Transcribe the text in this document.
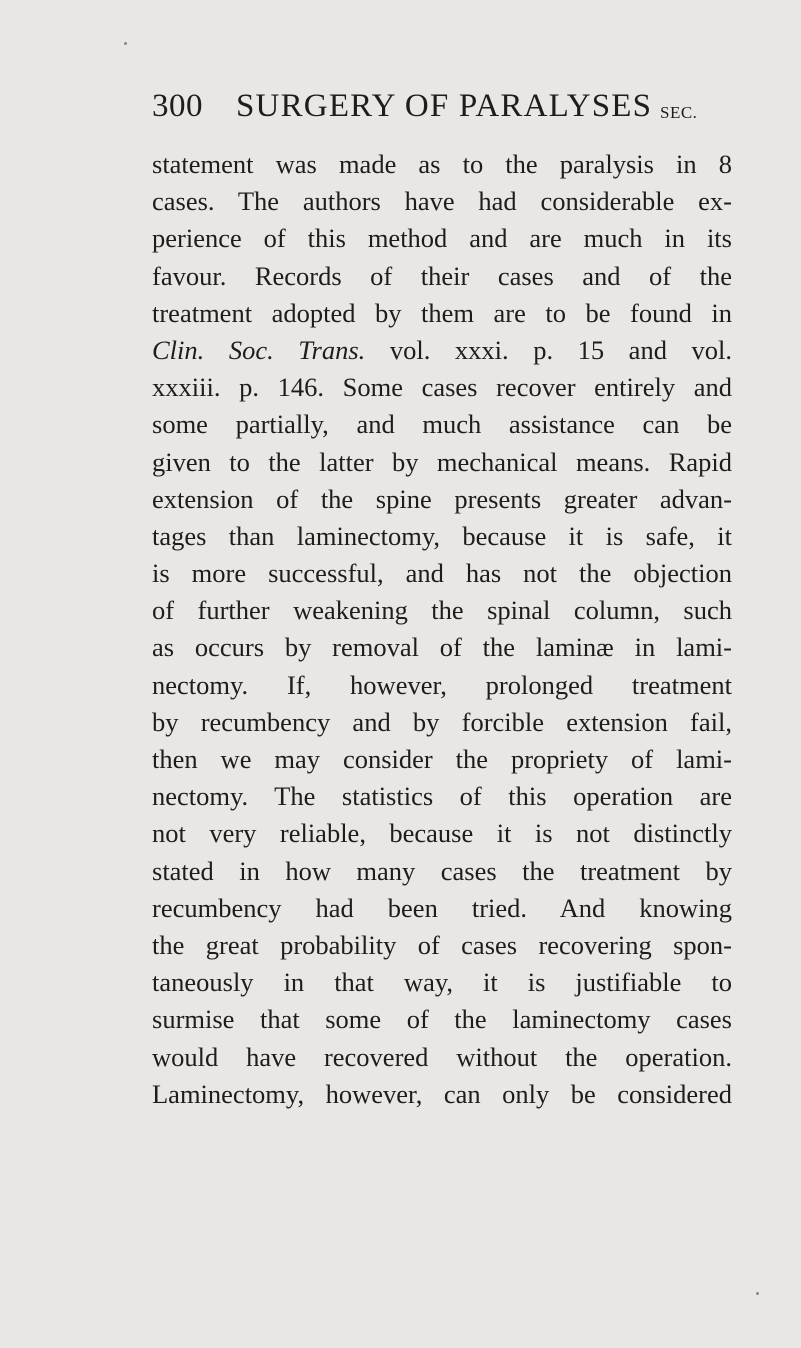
300 SURGERY OF PARALYSES SEC.
statement was made as to the paralysis in 8
cases. The authors have had considerable ex-
perience of this method and are much in its
favour. Records of their cases and of the
treatment adopted by them are to be found in
Clin. Soc. Trans. vol. xxxi. p. 15 and vol.
xxxiii. p. 146. Some cases recover entirely and
some partially, and much assistance can be
given to the latter by mechanical means. Rapid
extension of the spine presents greater advan-
tages than laminectomy, because it is safe, it
is more successful, and has not the objection
of further weakening the spinal column, such
as occurs by removal of the laminæ in lami-
nectomy. If, however, prolonged treatment
by recumbency and by forcible extension fail,
then we may consider the propriety of lami-
nectomy. The statistics of this operation are
not very reliable, because it is not distinctly
stated in how many cases the treatment by
recumbency had been tried. And knowing
the great probability of cases recovering spon-
taneously in that way, it is justifiable to
surmise that some of the laminectomy cases
would have recovered without the operation.
Laminectomy, however, can only be considered
